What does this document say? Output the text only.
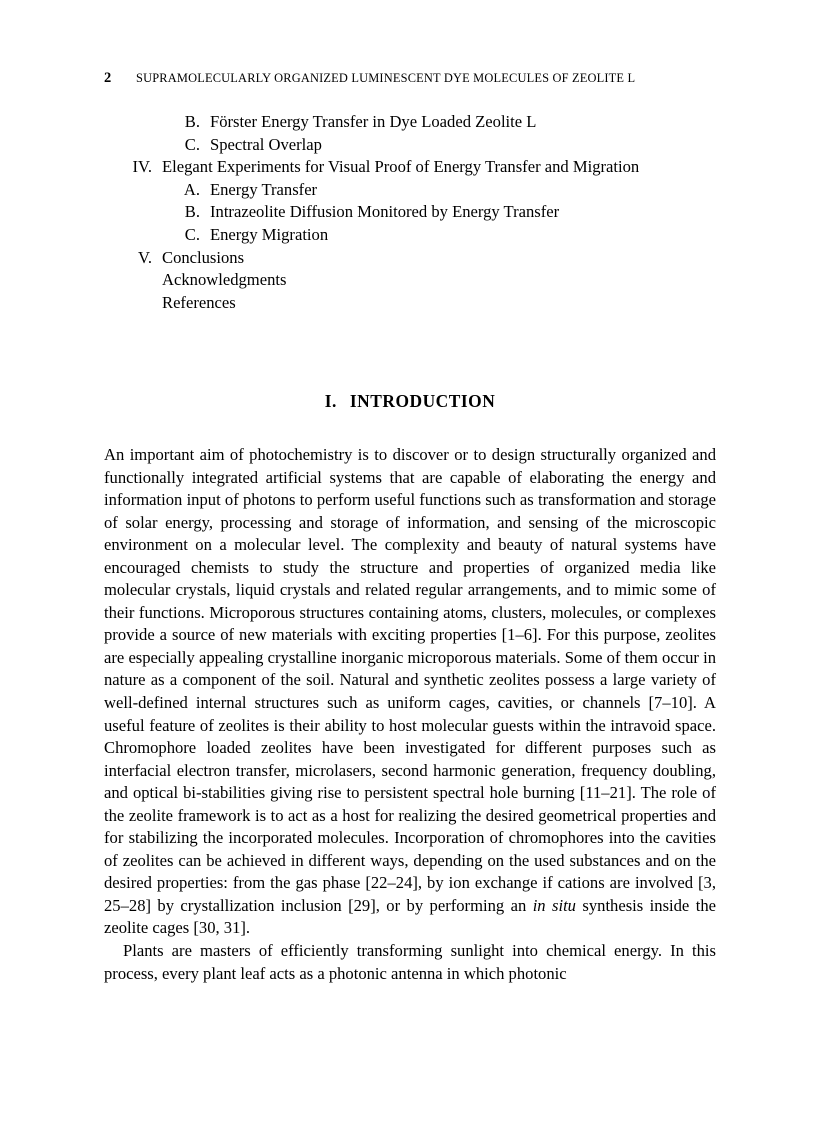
2	SUPRAMOLECULARLY ORGANIZED LUMINESCENT DYE MOLECULES OF ZEOLITE L
B. Förster Energy Transfer in Dye Loaded Zeolite L
C. Spectral Overlap
IV. Elegant Experiments for Visual Proof of Energy Transfer and Migration
A. Energy Transfer
B. Intrazeolite Diffusion Monitored by Energy Transfer
C. Energy Migration
V. Conclusions
Acknowledgments
References
I. INTRODUCTION

An important aim of photochemistry is to discover or to design structurally organized and functionally integrated artificial systems that are capable of elaborating the energy and information input of photons to perform useful functions such as transformation and storage of solar energy, processing and storage of information, and sensing of the microscopic environment on a molecular level. The complexity and beauty of natural systems have encouraged chemists to study the structure and properties of organized media like molecular crystals, liquid crystals and related regular arrangements, and to mimic some of their functions. Microporous structures containing atoms, clusters, molecules, or complexes provide a source of new materials with exciting properties [1–6]. For this purpose, zeolites are especially appealing crystalline inorganic microporous materials. Some of them occur in nature as a component of the soil. Natural and synthetic zeolites possess a large variety of well-defined internal structures such as uniform cages, cavities, or channels [7–10]. A useful feature of zeolites is their ability to host molecular guests within the intravoid space. Chromophore loaded zeolites have been investigated for different purposes such as interfacial electron transfer, microlasers, second harmonic generation, frequency doubling, and optical bi-stabilities giving rise to persistent spectral hole burning [11–21]. The role of the zeolite framework is to act as a host for realizing the desired geometrical properties and for stabilizing the incorporated molecules. Incorporation of chromophores into the cavities of zeolites can be achieved in different ways, depending on the used substances and on the desired properties: from the gas phase [22–24], by ion exchange if cations are involved [3, 25–28] by crystallization inclusion [29], or by performing an in situ synthesis inside the zeolite cages [30, 31].

Plants are masters of efficiently transforming sunlight into chemical energy. In this process, every plant leaf acts as a photonic antenna in which photonic
